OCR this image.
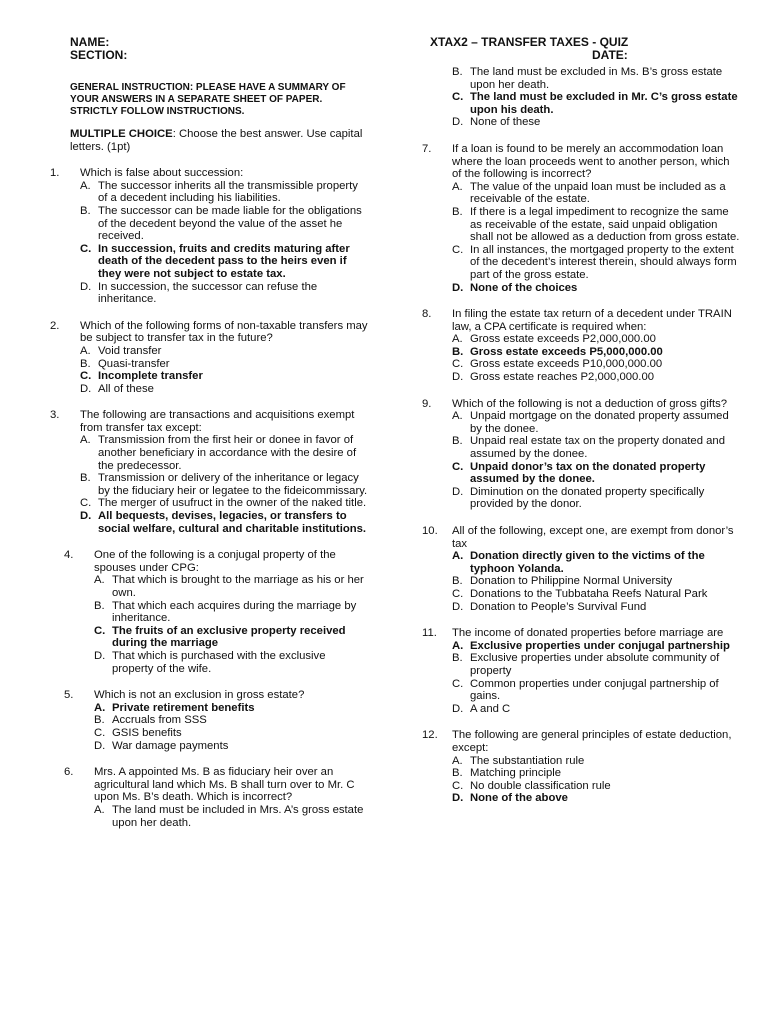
NAME:
SECTION:
GENERAL INSTRUCTION: PLEASE HAVE A SUMMARY OF YOUR ANSWERS IN A SEPARATE SHEET OF PAPER. STRICTLY FOLLOW INSTRUCTIONS.
MULTIPLE CHOICE: Choose the best answer. Use capital letters. (1pt)
1.	Which is false about succession:
A. The successor inherits all the transmissible property of a decedent including his liabilities.
B. The successor can be made liable for the obligations of the decedent beyond the value of the asset he received.
C. In succession, fruits and credits maturing after death of the decedent pass to the heirs even if they were not subject to estate tax.
D. In succession, the successor can refuse the inheritance.
2.	Which of the following forms of non-taxable transfers may be subject to transfer tax in the future?
A. Void transfer
B. Quasi-transfer
C. Incomplete transfer
D. All of these
3.	The following are transactions and acquisitions exempt from transfer tax except:
A. Transmission from the first heir or donee in favor of another beneficiary in accordance with the desire of the predecessor.
B. Transmission or delivery of the inheritance or legacy by the fiduciary heir or legatee to the fideicommissary.
C. The merger of usufruct in the owner of the naked title.
D. All bequests, devises, legacies, or transfers to social welfare, cultural and charitable institutions.
4.	One of the following is a conjugal property of the spouses under CPG:
A. That which is brought to the marriage as his or her own.
B. That which each acquires during the marriage by inheritance.
C. The fruits of an exclusive property received during the marriage
D. That which is purchased with the exclusive property of the wife.
5.	Which is not an exclusion in gross estate?
A. Private retirement benefits
B. Accruals from SSS
C. GSIS benefits
D. War damage payments
6.	Mrs. A appointed Ms. B as fiduciary heir over an agricultural land which Ms. B shall turn over to Mr. C upon Ms. B’s death. Which is incorrect?
A. The land must be included in Mrs. A’s gross estate upon her death.
XTAX2 – TRANSFER TAXES - QUIZ
DATE:
B. The land must be excluded in Ms. B’s gross estate upon her death.
C. The land must be excluded in Mr. C’s gross estate upon his death.
D. None of these
7.	If a loan is found to be merely an accommodation loan where the loan proceeds went to another person, which of the following is incorrect?
A. The value of the unpaid loan must be included as a receivable of the estate.
B. If there is a legal impediment to recognize the same as receivable of the estate, said unpaid obligation shall not be allowed as a deduction from gross estate.
C. In all instances, the mortgaged property to the extent of the decedent’s interest therein, should always form part of the gross estate.
D. None of the choices
8.	In filing the estate tax return of a decedent under TRAIN law, a CPA certificate is required when:
A. Gross estate exceeds P2,000,000.00
B. Gross estate exceeds P5,000,000.00
C. Gross estate exceeds P10,000,000.00
D. Gross estate reaches P2,000,000.00
9.	Which of the following is not a deduction of gross gifts?
A. Unpaid mortgage on the donated property assumed by the donee.
B. Unpaid real estate tax on the property donated and assumed by the donee.
C. Unpaid donor’s tax on the donated property assumed by the donee.
D. Diminution on the donated property specifically provided by the donor.
10.	All of the following, except one, are exempt from donor’s tax
A. Donation directly given to the victims of the typhoon Yolanda.
B. Donation to Philippine Normal University
C. Donations to the Tubbataha Reefs Natural Park
D. Donation to People’s Survival Fund
11.	The income of donated properties before marriage are
A. Exclusive properties under conjugal partnership
B. Exclusive properties under absolute community of property
C. Common properties under conjugal partnership of gains.
D. A and C
12.	The following are general principles of estate deduction, except:
A. The substantiation rule
B. Matching principle
C. No double classification rule
D. None of the above
